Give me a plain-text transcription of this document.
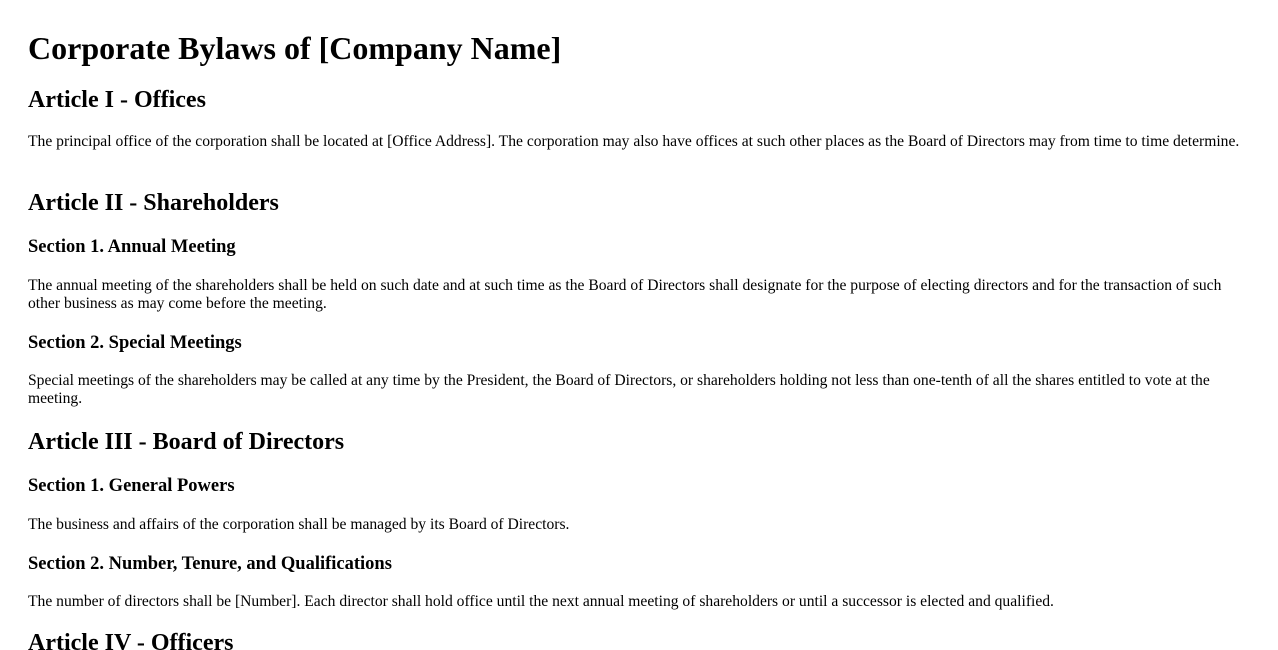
Corporate Bylaws of [Company Name]
Article I - Offices

The principal office of the corporation shall be located at [Office Address]. The corporation may also have offices at such other places as the Board of Directors may from time to time determine.

Article II - Shareholders
Section 1. Annual Meeting

The annual meeting of the shareholders shall be held on such date and at such time as the Board of Directors shall designate for the purpose of electing directors and for the transaction of such other business as may come before the meeting.

Section 2. Special Meetings

Special meetings of the shareholders may be called at any time by the President, the Board of Directors, or shareholders holding not less than one-tenth of all the shares entitled to vote at the meeting.

Article III - Board of Directors
Section 1. General Powers

The business and affairs of the corporation shall be managed by its Board of Directors.

Section 2. Number, Tenure, and Qualifications

The number of directors shall be [Number]. Each director shall hold office until the next annual meeting of shareholders or until a successor is elected and qualified.

Article IV - Officers
